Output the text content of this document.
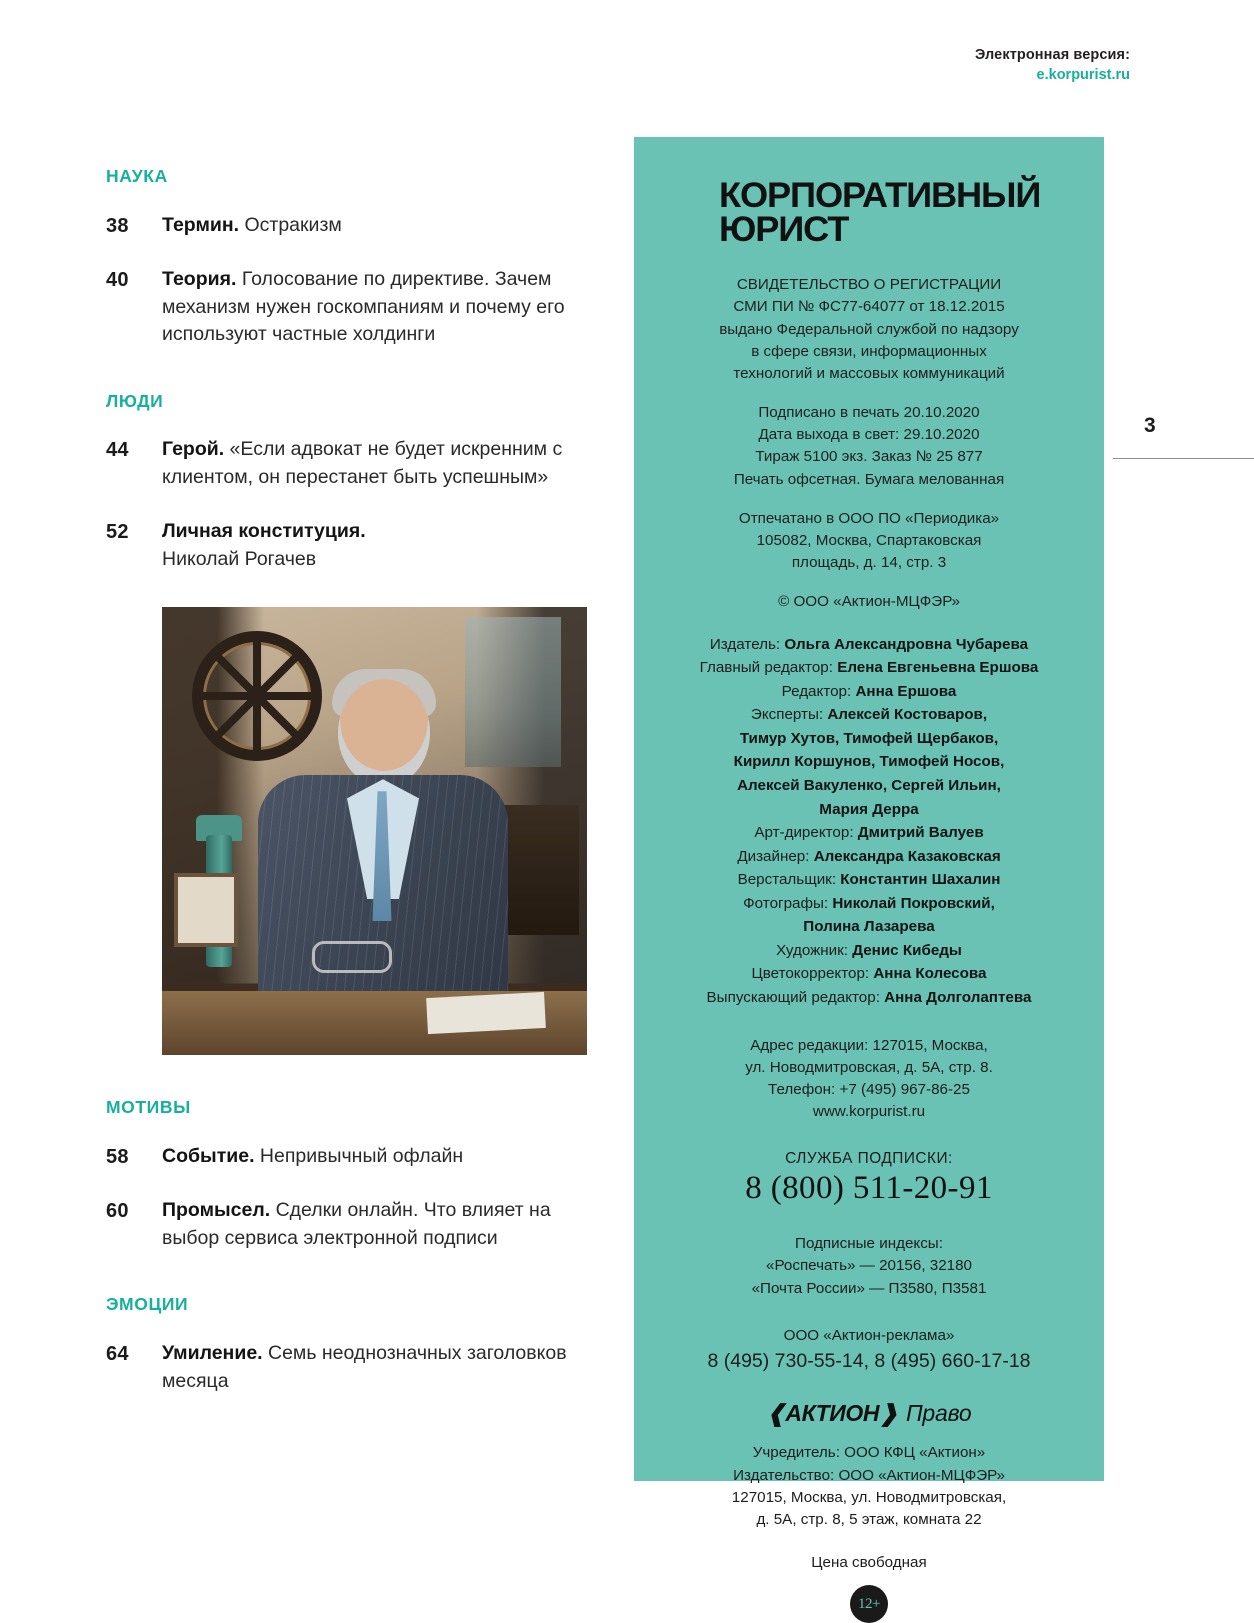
Электронная версия:
e.korpurist.ru
3
НАУКА
38	Термин. Остракизм
40	Теория. Голосование по директиве. Зачем механизм нужен госкомпаниям и почему его используют частные холдинги
ЛЮДИ
44	Герой. «Если адвокат не будет искренним с клиентом, он перестанет быть успешным»
52	Личная конституция.
Николай Рогачев
МОТИВЫ
58	Событие. Непривычный офлайн
60	Промысел. Сделки онлайн. Что влияет на выбор сервиса электронной подписи
ЭМОЦИИ
64	Умиление. Семь неоднозначных заголовков месяца
КОРПОРАТИВНЫЙ
ЮРИСТ

СВИДЕТЕЛЬСТВО О РЕГИСТРАЦИИ

СМИ ПИ № ФС77-64077 от 18.12.2015

выдано Федеральной службой по надзору

в сфере связи, информационных

технологий и массовых коммуникаций

Подписано в печать 20.10.2020

Дата выхода в свет: 29.10.2020

Тираж 5100 экз. Заказ № 25 877

Печать офсетная. Бумага мелованная

Отпечатано в ООО ПО «Периодика»

105082, Москва, Спартаковская

площадь, д. 14, стр. 3

© ООО «Актион-МЦФЭР»

Издатель: Ольга Александровна Чубарева

Главный редактор: Елена Евгеньевна Ершова

Редактор: Анна Ершова

Эксперты: Алексей Костоваров,

Тимур Хутов, Тимофей Щербаков,

Кирилл Коршунов, Тимофей Носов,

Алексей Вакуленко, Сергей Ильин,

Мария Дерра

Арт-директор: Дмитрий Валуев

Дизайнер: Александра Казаковская

Верстальщик: Константин Шахалин

Фотографы: Николай Покровский,

Полина Лазарева

Художник: Денис Кибеды

Цветокорректор: Анна Колесова

Выпускающий редактор: Анна Долголаптева

Адрес редакции: 127015, Москва,

ул. Новодмитровская, д. 5А, стр. 8.

Телефон: +7 (495) 967-86-25

www.korpurist.ru

СЛУЖБА ПОДПИСКИ:
8 (800) 511-20-91

Подписные индексы:

«Роспечать» — 20156, 32180

«Почта России» — П3580, П3581

ООО «Актион-реклама»

8 (495) 730-55-14, 8 (495) 660-17-18

❰АКТИОН❱ Право

Учредитель: ООО КФЦ «Актион»

Издательство: ООО «Актион-МЦФЭР»

127015, Москва, ул. Новодмитровская,

д. 5А, стр. 8, 5 этаж, комната 22

Цена свободная
12+
